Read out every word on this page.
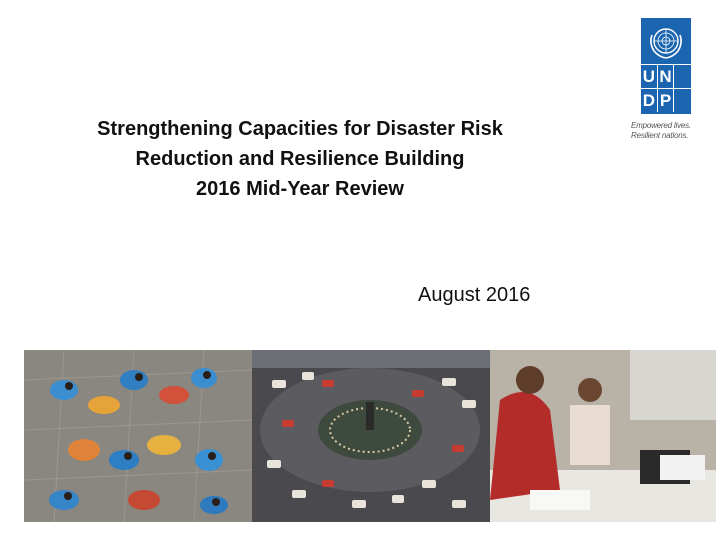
Strengthening Capacities for Disaster Risk
Reduction and Resilience Building
2016 Mid-Year Review
August 2016
U N
D P
Empowered lives.
Resilient nations.
